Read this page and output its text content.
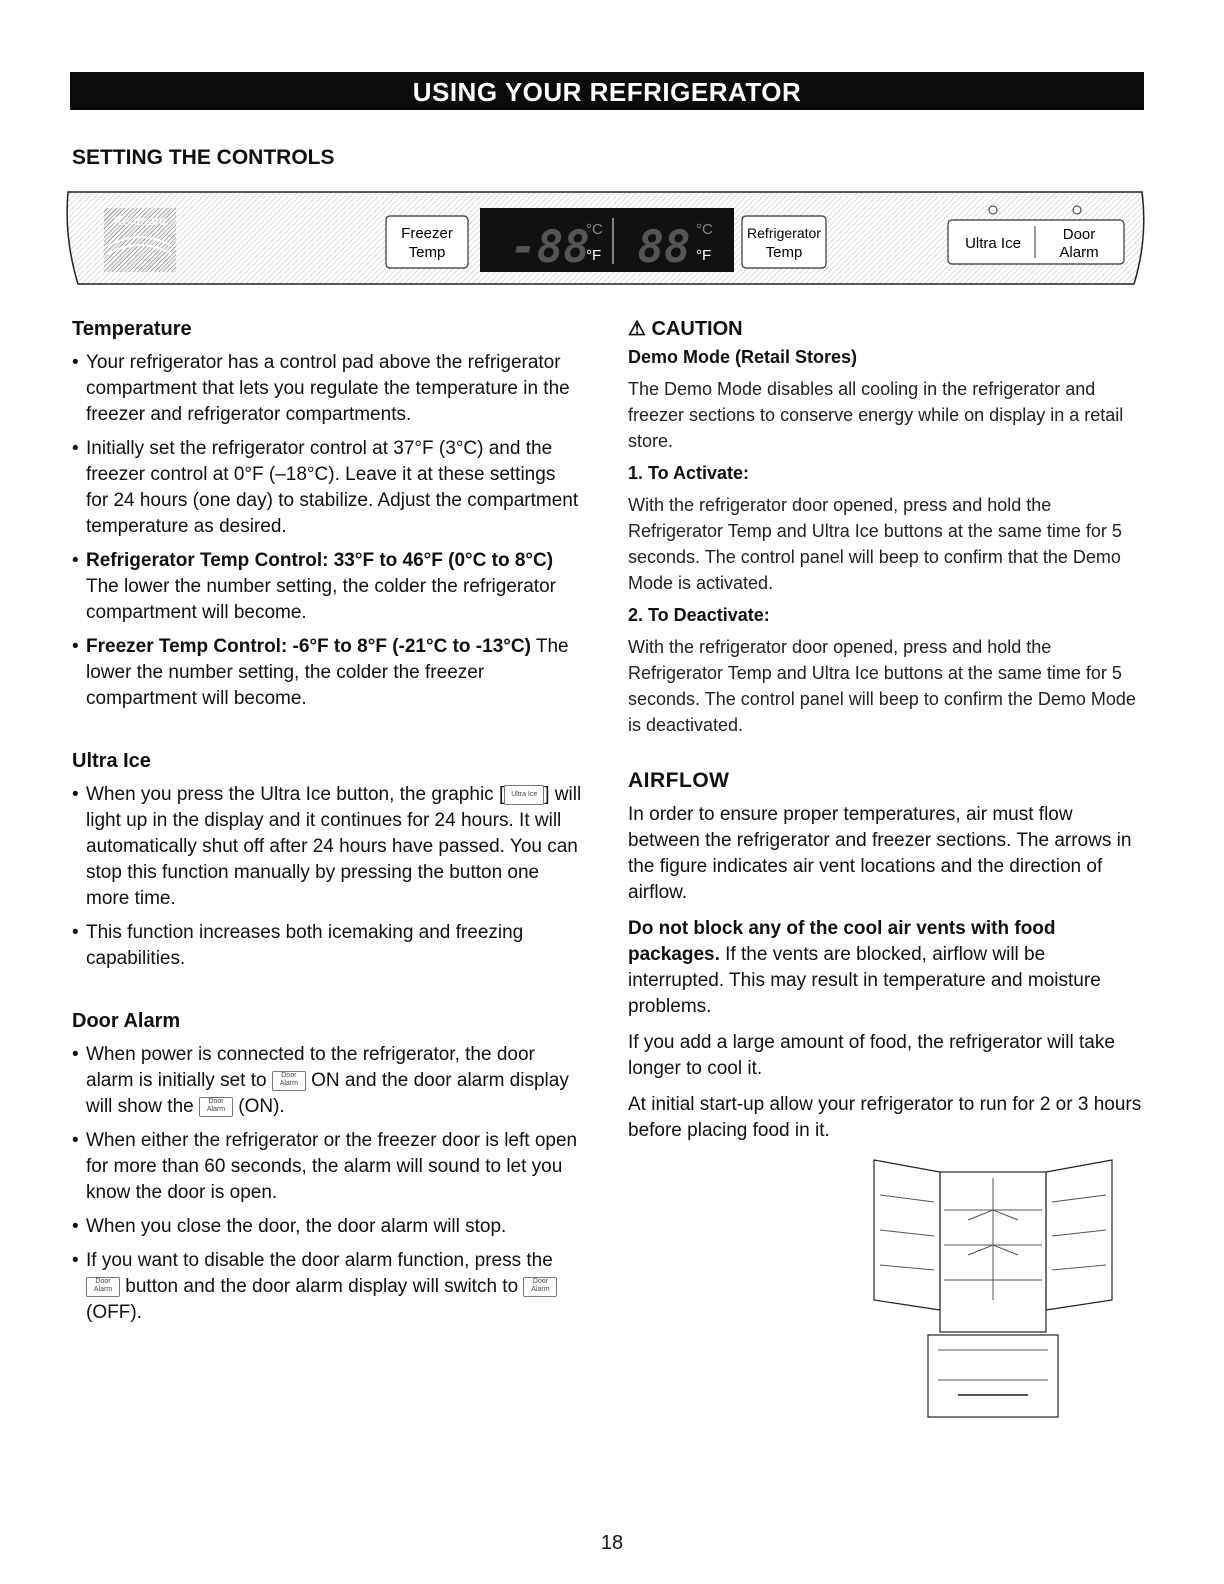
USING YOUR REFRIGERATOR
SETTING THE CONTROLS
Kenmore
Freezer
Temp -88
°C
°F 88 °C
°F
Refrigerator
Temp
Ultra Ice
Door
Alarm
Temperature
• Your refrigerator has a control pad above the refrigerator compartment that lets you regulate the temperature in the freezer and refrigerator compartments.
• Initially set the refrigerator control at 37°F (3°C) and the freezer control at 0°F (–18°C). Leave it at these settings for 24 hours (one day) to stabilize. Adjust the compartment temperature as desired.
• Refrigerator Temp Control: 33°F to 46°F (0°C to 8°C) The lower the number setting, the colder the refrigerator compartment will become.
• Freezer Temp Control: -6°F to 8°F (-21°C to -13°C) The lower the number setting, the colder the freezer compartment will become.
Ultra Ice
• When you press the Ultra Ice button, the graphic [ Ultra Ice ] will light up in the display and it continues for 24 hours. It will automatically shut off after 24 hours have passed. You can stop this function manually by pressing the button one more time.
• This function increases both icemaking and freezing capabilities.
Door Alarm
• When power is connected to the refrigerator, the door alarm is initially set to Door Alarm ON and the door alarm display will show the Door Alarm (ON).
• When either the refrigerator or the freezer door is left open for more than 60 seconds, the alarm will sound to let you know the door is open.
• When you close the door, the door alarm will stop.
• If you want to disable the door alarm function, press the Door Alarm button and the door alarm display will switch to Door Alarm (OFF).
⚠ CAUTION
Demo Mode (Retail Stores)
The Demo Mode disables all cooling in the refrigerator and freezer sections to conserve energy while on display in a retail store.
1. To Activate:
With the refrigerator door opened, press and hold the Refrigerator Temp and Ultra Ice buttons at the same time for 5 seconds. The control panel will beep to confirm that the Demo Mode is activated.
2. To Deactivate:
With the refrigerator door opened, press and hold the Refrigerator Temp and Ultra Ice buttons at the same time for 5 seconds. The control panel will beep to confirm the Demo Mode is deactivated.
AIRFLOW
In order to ensure proper temperatures, air must flow between the refrigerator and freezer sections. The arrows in the figure indicates air vent locations and the direction of airflow.
Do not block any of the cool air vents with food packages. If the vents are blocked, airflow will be interrupted. This may result in temperature and moisture problems.
If you add a large amount of food, the refrigerator will take longer to cool it.
At initial start-up allow your refrigerator to run for 2 or 3 hours before placing food in it.
18
